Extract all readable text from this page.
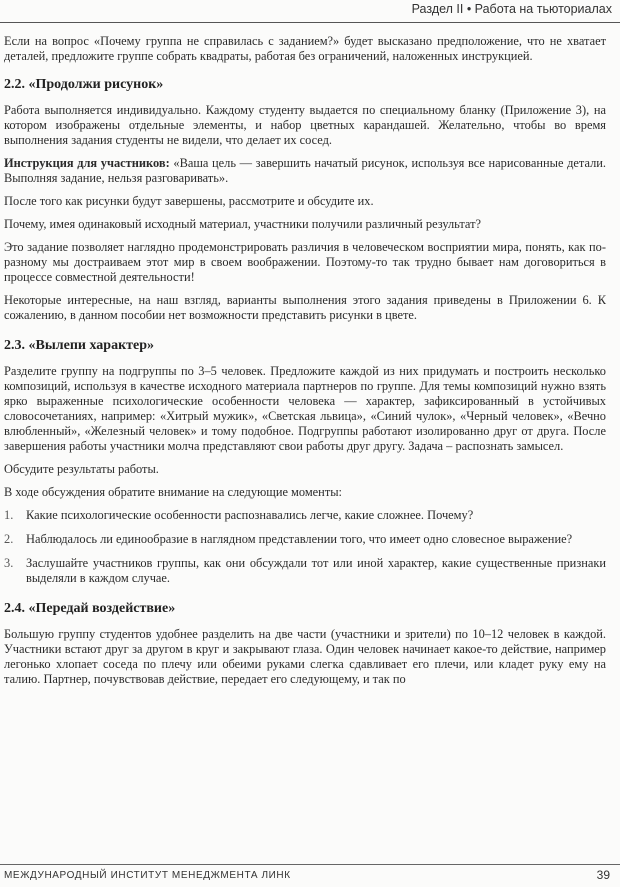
Раздел II • Работа на тьюториалах

Если на вопрос «Почему группа не справилась с заданием?» будет высказано предположение, что не хватает деталей, предложите группе собрать квадраты, работая без ограничений, наложенных инструкцией.

2.2. «Продолжи рисунок»

Работа выполняется индивидуально. Каждому студенту выдается по специальному бланку (Приложение 3), на котором изображены отдельные элементы, и набор цветных карандашей. Желательно, чтобы во время выполнения задания студенты не видели, что делает их сосед.

Инструкция для участников: «Ваша цель — завершить начатый рисунок, используя все нарисованные детали. Выполняя задание, нельзя разговаривать».

После того как рисунки будут завершены, рассмотрите и обсудите их.

Почему, имея одинаковый исходный материал, участники получили различный результат?

Это задание позволяет наглядно продемонстрировать различия в человеческом восприятии мира, понять, как по-разному мы достраиваем этот мир в своем воображении. Поэтому-то так трудно бывает нам договориться в процессе совместной деятельности!

Некоторые интересные, на наш взгляд, варианты выполнения этого задания приведены в Приложении 6. К сожалению, в данном пособии нет возможности представить рисунки в цвете.

2.3. «Вылепи характер»

Разделите группу на подгруппы по 3–5 человек. Предложите каждой из них придумать и построить несколько композиций, используя в качестве исходного материала партнеров по группе. Для темы композиций нужно взять ярко выраженные психологические особенности человека — характер, зафиксированный в устойчивых словосочетаниях, например: «Хитрый мужик», «Светская львица», «Синий чулок», «Черный человек», «Вечно влюбленный», «Железный человек» и тому подобное. Подгруппы работают изолированно друг от друга. После завершения работы участники молча представляют свои работы друг другу. Задача – распознать замысел.

Обсудите результаты работы.

В ходе обсуждения обратите внимание на следующие моменты:

1.	Какие психологические особенности распознавались легче, какие сложнее. Почему?
2.	Наблюдалось ли единообразие в наглядном представлении того, что имеет одно словесное выражение?
3.	Заслушайте участников группы, как они обсуждали тот или иной характер, какие существенные признаки выделяли в каждом случае.
2.4. «Передай воздействие»

Большую группу студентов удобнее разделить на две части (участники и зрители) по 10–12 человек в каждой. Участники встают друг за другом в круг и закрывают глаза. Один человек начинает какое-то действие, например легонько хлопает соседа по плечу или обеими руками слегка сдавливает его плечи, или кладет руку ему на талию. Партнер, почувствовав действие, передает его следующему, и так по

МЕЖДУНАРОДНЫЙ ИНСТИТУТ МЕНЕДЖМЕНТА ЛИНК	39
